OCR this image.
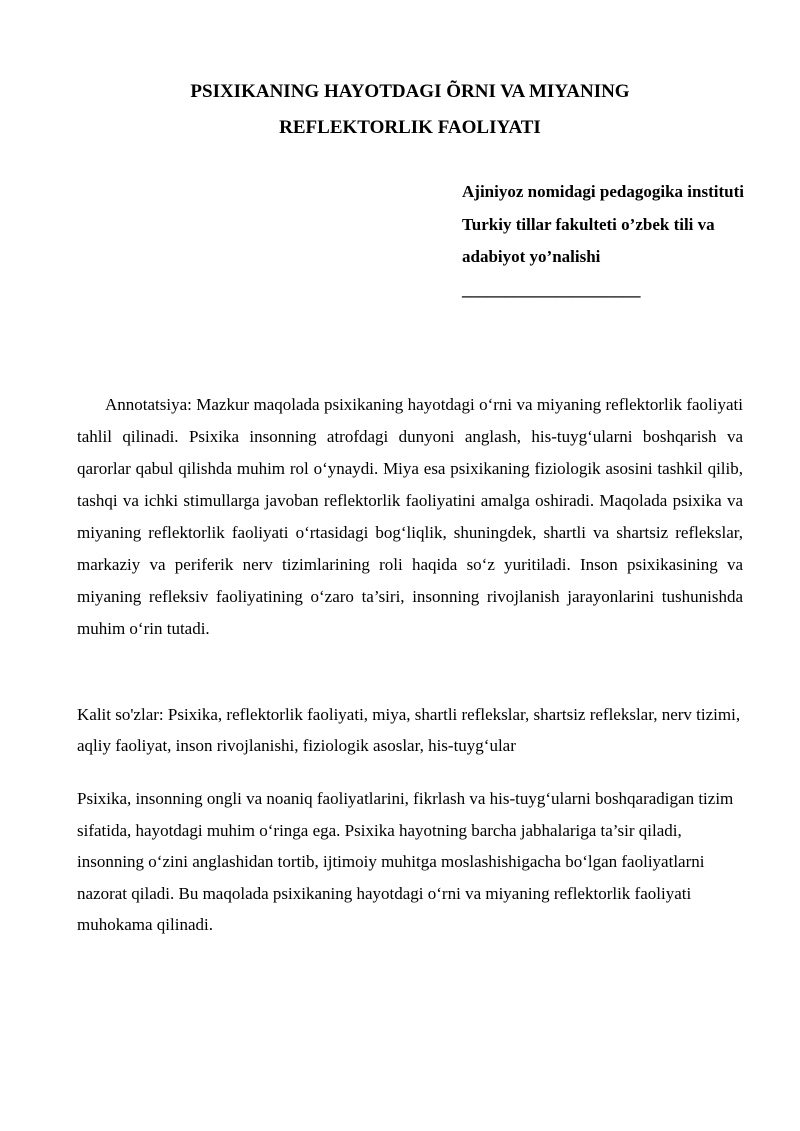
PSIXIKANING HAYOTDAGI ÕRNI VA MIYANING
REFLEKTORLIK FAOLIYATI
Ajiniyoz nomidagi pedagogika instituti
Turkiy tillar fakulteti o’zbek tili va
adabiyot yo’nalishi
_____________________

Annotatsiya: Mazkur maqolada psixikaning hayotdagi o‘rni va miyaning reflektorlik faoliyati tahlil qilinadi. Psixika insonning atrofdagi dunyoni anglash, his-tuyg‘ularni boshqarish va qarorlar qabul qilishda muhim rol o‘ynaydi. Miya esa psixikaning fiziologik asosini tashkil qilib, tashqi va ichki stimullarga javoban reflektorlik faoliyatini amalga oshiradi. Maqolada psixika va miyaning reflektorlik faoliyati o‘rtasidagi bog‘liqlik, shuningdek, shartli va shartsiz reflekslar, markaziy va periferik nerv tizimlarining roli haqida so‘z yuritiladi. Inson psixikasining va miyaning refleksiv faoliyatining o‘zaro ta’siri, insonning rivojlanish jarayonlarini tushunishda muhim o‘rin tutadi.

Kalit so'zlar: Psixika, reflektorlik faoliyati, miya, shartli reflekslar, shartsiz reflekslar, nerv tizimi, aqliy faoliyat, inson rivojlanishi, fiziologik asoslar, his-tuyg‘ular

Psixika, insonning ongli va noaniq faoliyatlarini, fikrlash va his-tuyg‘ularni boshqaradigan tizim sifatida, hayotdagi muhim o‘ringa ega. Psixika hayotning barcha jabhalariga ta’sir qiladi, insonning o‘zini anglashidan tortib, ijtimoiy muhitga moslashishigacha bo‘lgan faoliyatlarni nazorat qiladi. Bu maqolada psixikaning hayotdagi o‘rni va miyaning reflektorlik faoliyati muhokama qilinadi.
